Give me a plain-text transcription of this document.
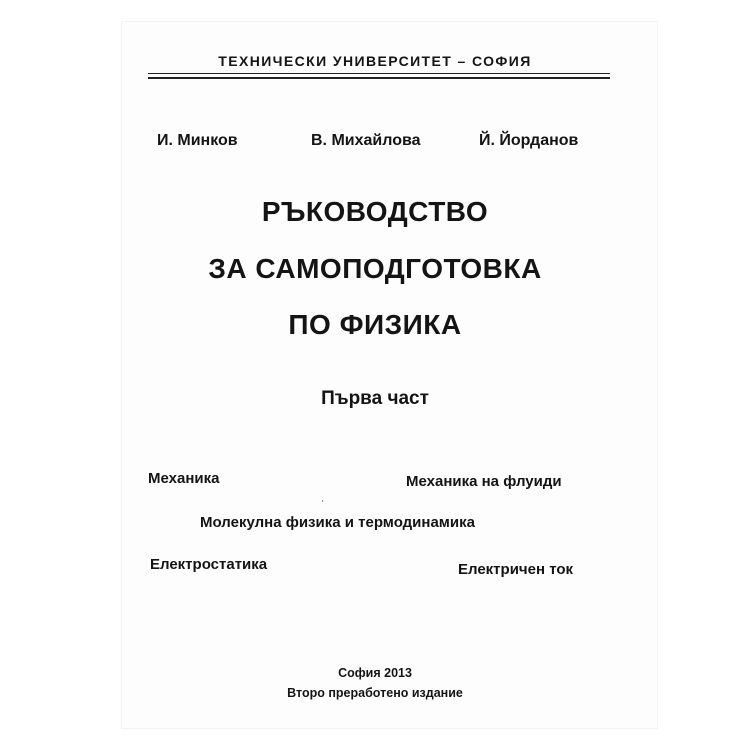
ТЕХНИЧЕСКИ УНИВЕРСИТЕТ – СОФИЯ
И. Минков	В. Михайлова	Й. Йорданов
РЪКОВОДСТВО
ЗА САМОПОДГОТОВКА
ПО ФИЗИКА
Първа част
Механика	Механика на флуиди
Молекулна физика и термодинамика
Електростатика	Електричен ток
София 2013
Второ преработено издание
